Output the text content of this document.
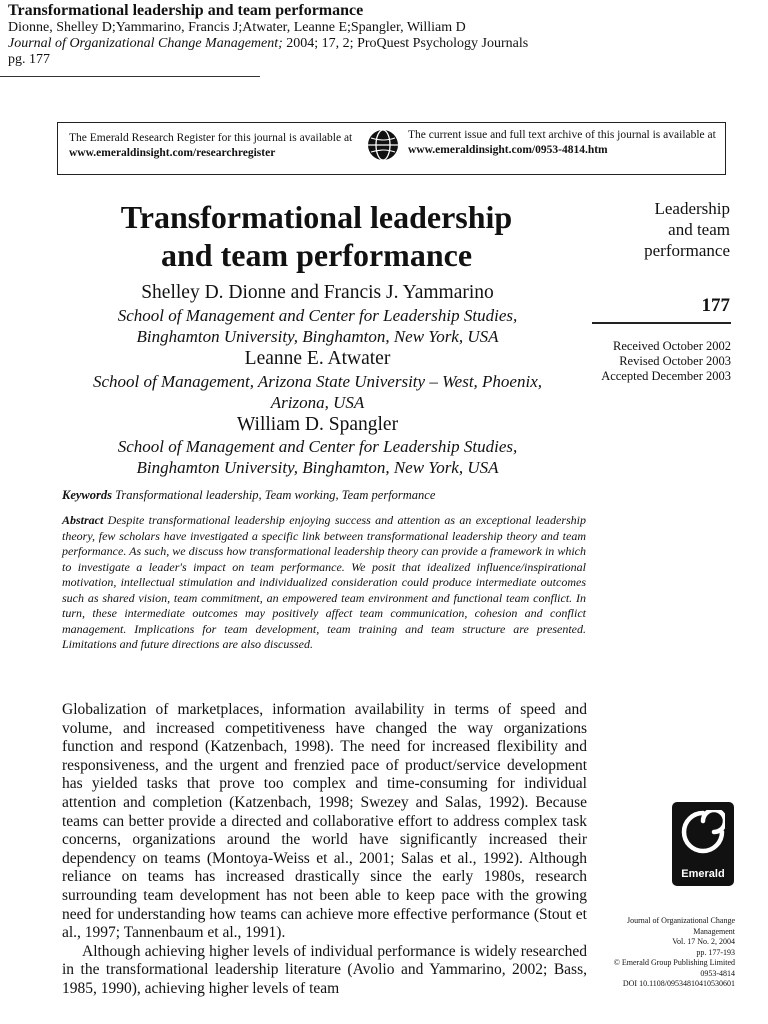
Transformational leadership and team performance
Dionne, Shelley D;Yammarino, Francis J;Atwater, Leanne E;Spangler, William D
Journal of Organizational Change Management; 2004; 17, 2; ProQuest Psychology Journals
pg. 177
The Emerald Research Register for this journal is available at
www.emeraldinsight.com/researchregister
The current issue and full text archive of this journal is available at
www.emeraldinsight.com/0953-4814.htm
Transformational leadership
and team performance
Shelley D. Dionne and Francis J. Yammarino
School of Management and Center for Leadership Studies,
Binghamton University, Binghamton, New York, USA
Leanne E. Atwater
School of Management, Arizona State University – West, Phoenix,
Arizona, USA
William D. Spangler
School of Management and Center for Leadership Studies,
Binghamton University, Binghamton, New York, USA
Leadership
and team
performance
177
Received October 2002
Revised October 2003
Accepted December 2003
Keywords Transformational leadership, Team working, Team performance
Abstract Despite transformational leadership enjoying success and attention as an exceptional leadership theory, few scholars have investigated a specific link between transformational leadership theory and team performance. As such, we discuss how transformational leadership theory can provide a framework in which to investigate a leader's impact on team performance. We posit that idealized influence/inspirational motivation, intellectual stimulation and individualized consideration could produce intermediate outcomes such as shared vision, team commitment, an empowered team environment and functional team conflict. In turn, these intermediate outcomes may positively affect team communication, cohesion and conflict management. Implications for team development, team training and team structure are presented. Limitations and future directions are also discussed.

Globalization of marketplaces, information availability in terms of speed and volume, and increased competitiveness have changed the way organizations function and respond (Katzenbach, 1998). The need for increased flexibility and responsiveness, and the urgent and frenzied pace of product/service development has yielded tasks that prove too complex and time-consuming for individual attention and completion (Katzenbach, 1998; Swezey and Salas, 1992). Because teams can better provide a directed and collaborative effort to address complex task concerns, organizations around the world have significantly increased their dependency on teams (Montoya-Weiss et al., 2001; Salas et al., 1992). Although reliance on teams has increased drastically since the early 1980s, research surrounding team development has not been able to keep pace with the growing need for understanding how teams can achieve more effective performance (Stout et al., 1997; Tannenbaum et al., 1991).

Although achieving higher levels of individual performance is widely researched in the transformational leadership literature (Avolio and Yammarino, 2002; Bass, 1985, 1990), achieving higher levels of team

Emerald
Journal of Organizational Change
Management
Vol. 17 No. 2, 2004
pp. 177-193
© Emerald Group Publishing Limited
0953-4814
DOI 10.1108/09534810410530601
